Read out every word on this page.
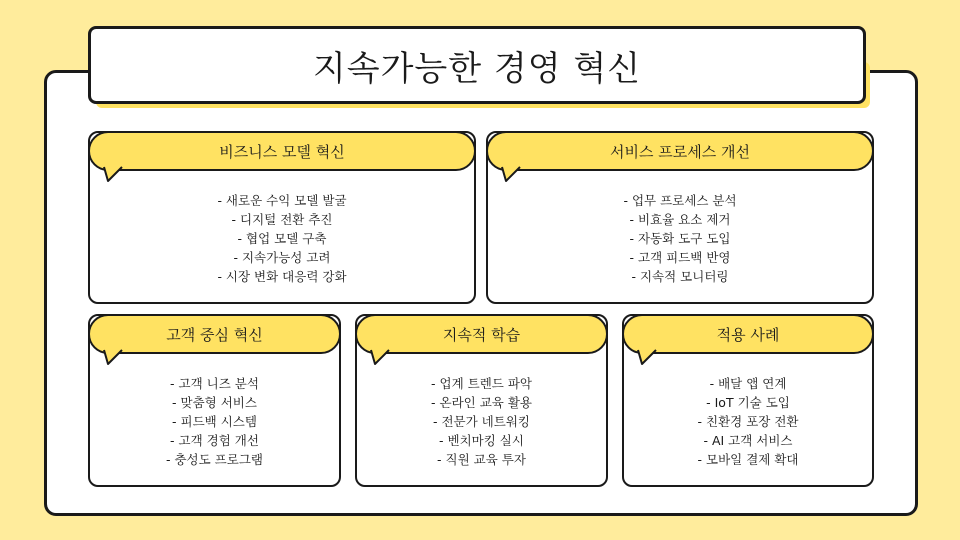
지속가능한 경영 혁신
비즈니스 모델 혁신
- 새로운 수익 모델 발굴
- 디지털 전환 추진
- 협업 모델 구축
- 지속가능성 고려
- 시장 변화 대응력 강화
서비스 프로세스 개선
- 업무 프로세스 분석
- 비효율 요소 제거
- 자동화 도구 도입
- 고객 피드백 반영
- 지속적 모니터링
고객 중심 혁신
- 고객 니즈 분석
- 맞춤형 서비스
- 피드백 시스템
- 고객 경험 개선
- 충성도 프로그램
지속적 학습
- 업계 트렌드 파악
- 온라인 교육 활용
- 전문가 네트워킹
- 벤치마킹 실시
- 직원 교육 투자
적용 사례
- 배달 앱 연계
- IoT 기술 도입
- 친환경 포장 전환
- AI 고객 서비스
- 모바일 결제 확대
